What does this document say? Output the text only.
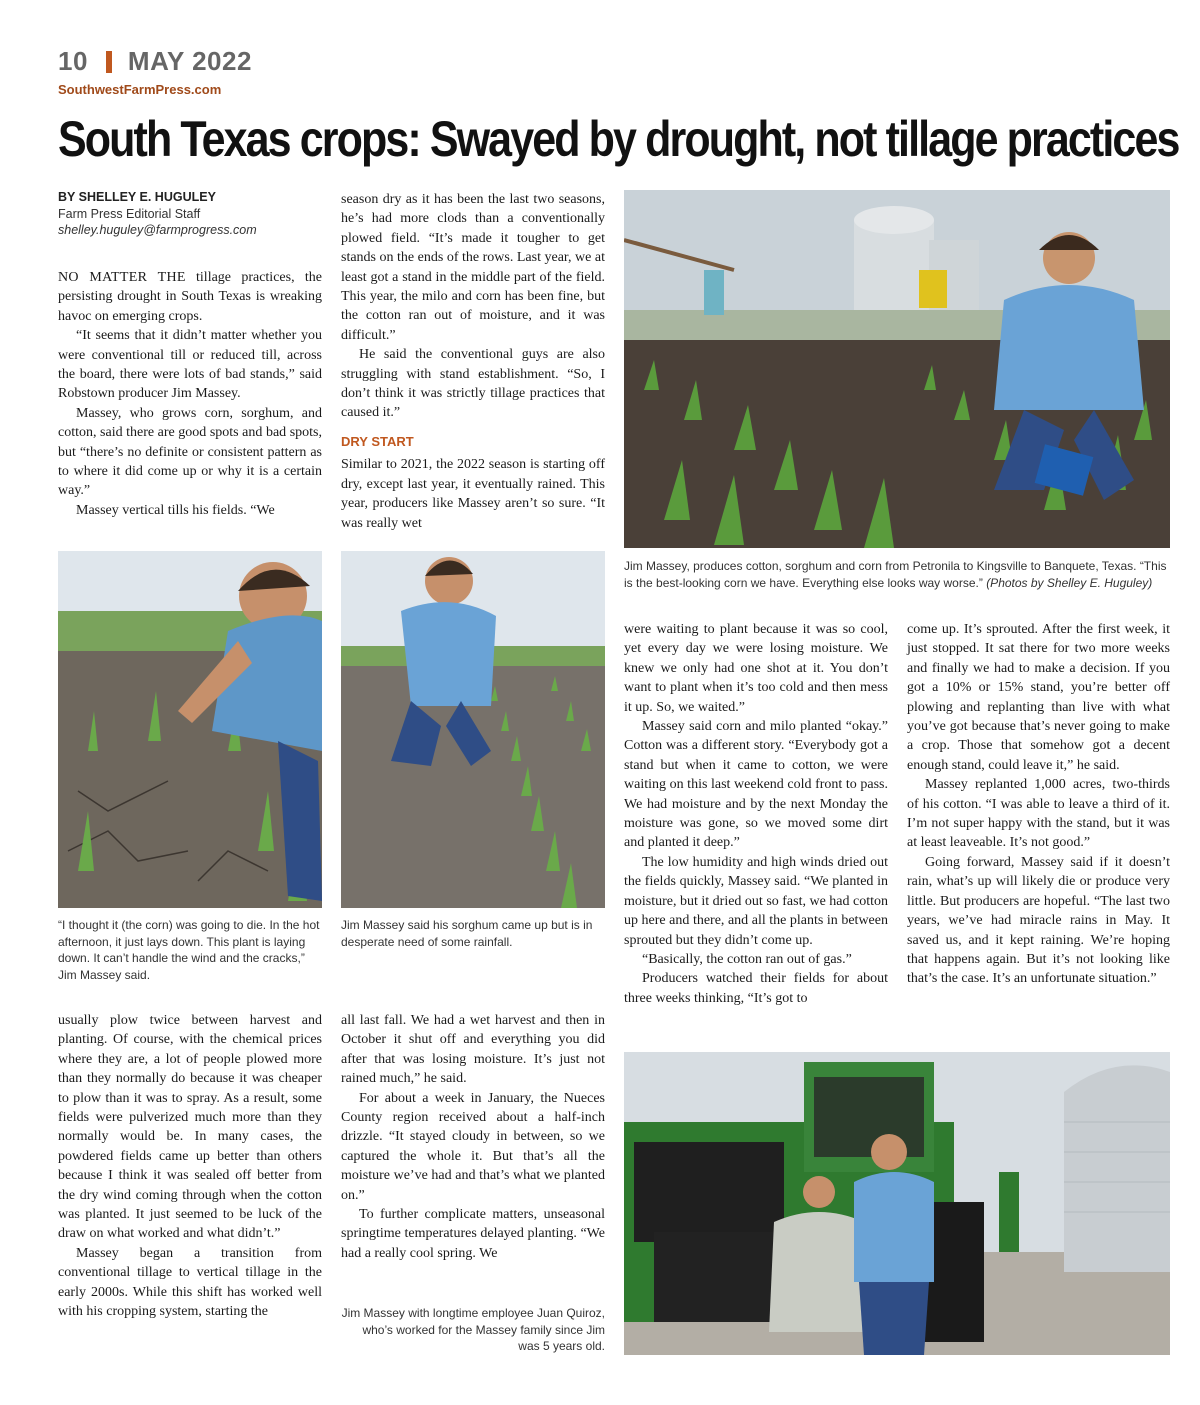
10 MAY 2022
SouthwestFarmPress.com
South Texas crops: Swayed by drought, not tillage practices
BY SHELLEY E. HUGULEY
Farm Press Editorial Staff
shelley.huguley@farmprogress.com

NO MATTER THE tillage practices, the persisting drought in South Texas is wreaking havoc on emerging crops.

“It seems that it didn’t matter whether you were conventional till or reduced till, across the board, there were lots of bad stands,” said Robstown producer Jim Massey.

Massey, who grows corn, sorghum, and cotton, said there are good spots and bad spots, but “there’s no definite or consistent pattern as to where it did come up or why it is a certain way.”

Massey vertical tills his fields. “We

season dry as it has been the last two seasons, he’s had more clods than a conventionally plowed field. “It’s made it tougher to get stands on the ends of the rows. Last year, we at least got a stand in the middle part of the field. This year, the milo and corn has been fine, but the cotton ran out of moisture, and it was difficult.”

He said the conventional guys are also struggling with stand establishment. “So, I don’t think it was strictly tillage practices that caused it.”

DRY START

Similar to 2021, the 2022 season is starting off dry, except last year, it eventually rained. This year, producers like Massey aren’t so sure. “It was really wet

Jim Massey, produces cotton, sorghum and corn from Petronila to Kingsville to Banquete, Texas. “This is the best-looking corn we have. Everything else looks way worse.” (Photos by Shelley E. Huguley)
“I thought it (the corn) was going to die. In the hot afternoon, it just lays down. This plant is laying down. It can’t handle the wind and the cracks,” Jim Massey said.
Jim Massey said his sorghum came up but is in desperate need of some rainfall.

usually plow twice between harvest and planting. Of course, with the chemical prices where they are, a lot of people plowed more than they normally do because it was cheaper to plow than it was to spray. As a result, some fields were pulverized much more than they normally would be. In many cases, the powdered fields came up better than others because I think it was sealed off better from the dry wind coming through when the cotton was planted. It just seemed to be luck of the draw on what worked and what didn’t.”

Massey began a transition from conventional tillage to vertical tillage in the early 2000s. While this shift has worked well with his cropping system, starting the

all last fall. We had a wet harvest and then in October it shut off and everything you did after that was losing moisture. It’s just not rained much,” he said.

For about a week in January, the Nueces County region received about a half-inch drizzle. “It stayed cloudy in between, so we captured the whole it. But that’s all the moisture we’ve had and that’s what we planted on.”

To further complicate matters, unseasonal springtime temperatures delayed planting. “We had a really cool spring. We

Jim Massey with longtime employee Juan Quiroz, who’s worked for the Massey family since Jim was 5 years old.

were waiting to plant because it was so cool, yet every day we were losing moisture. We knew we only had one shot at it. You don’t want to plant when it’s too cold and then mess it up. So, we waited.”

Massey said corn and milo planted “okay.” Cotton was a different story. “Everybody got a stand but when it came to cotton, we were waiting on this last weekend cold front to pass. We had moisture and by the next Monday the moisture was gone, so we moved some dirt and planted it deep.”

The low humidity and high winds dried out the fields quickly, Massey said. “We planted in moisture, but it dried out so fast, we had cotton up here and there, and all the plants in between sprouted but they didn’t come up.

“Basically, the cotton ran out of gas.”

Producers watched their fields for about three weeks thinking, “It’s got to

come up. It’s sprouted. After the first week, it just stopped. It sat there for two more weeks and finally we had to make a decision. If you got a 10% or 15% stand, you’re better off plowing and replanting than live with what you’ve got because that’s never going to make a crop. Those that somehow got a decent enough stand, could leave it,” he said.

Massey replanted 1,000 acres, two-thirds of his cotton. “I was able to leave a third of it. I’m not super happy with the stand, but it was at least leaveable. It’s not good.”

Going forward, Massey said if it doesn’t rain, what’s up will likely die or produce very little. But producers are hopeful. “The last two years, we’ve had miracle rains in May. It saved us, and it kept raining. We’re hoping that happens again. But it’s not looking like that’s the case. It’s an unfortunate situation.”
